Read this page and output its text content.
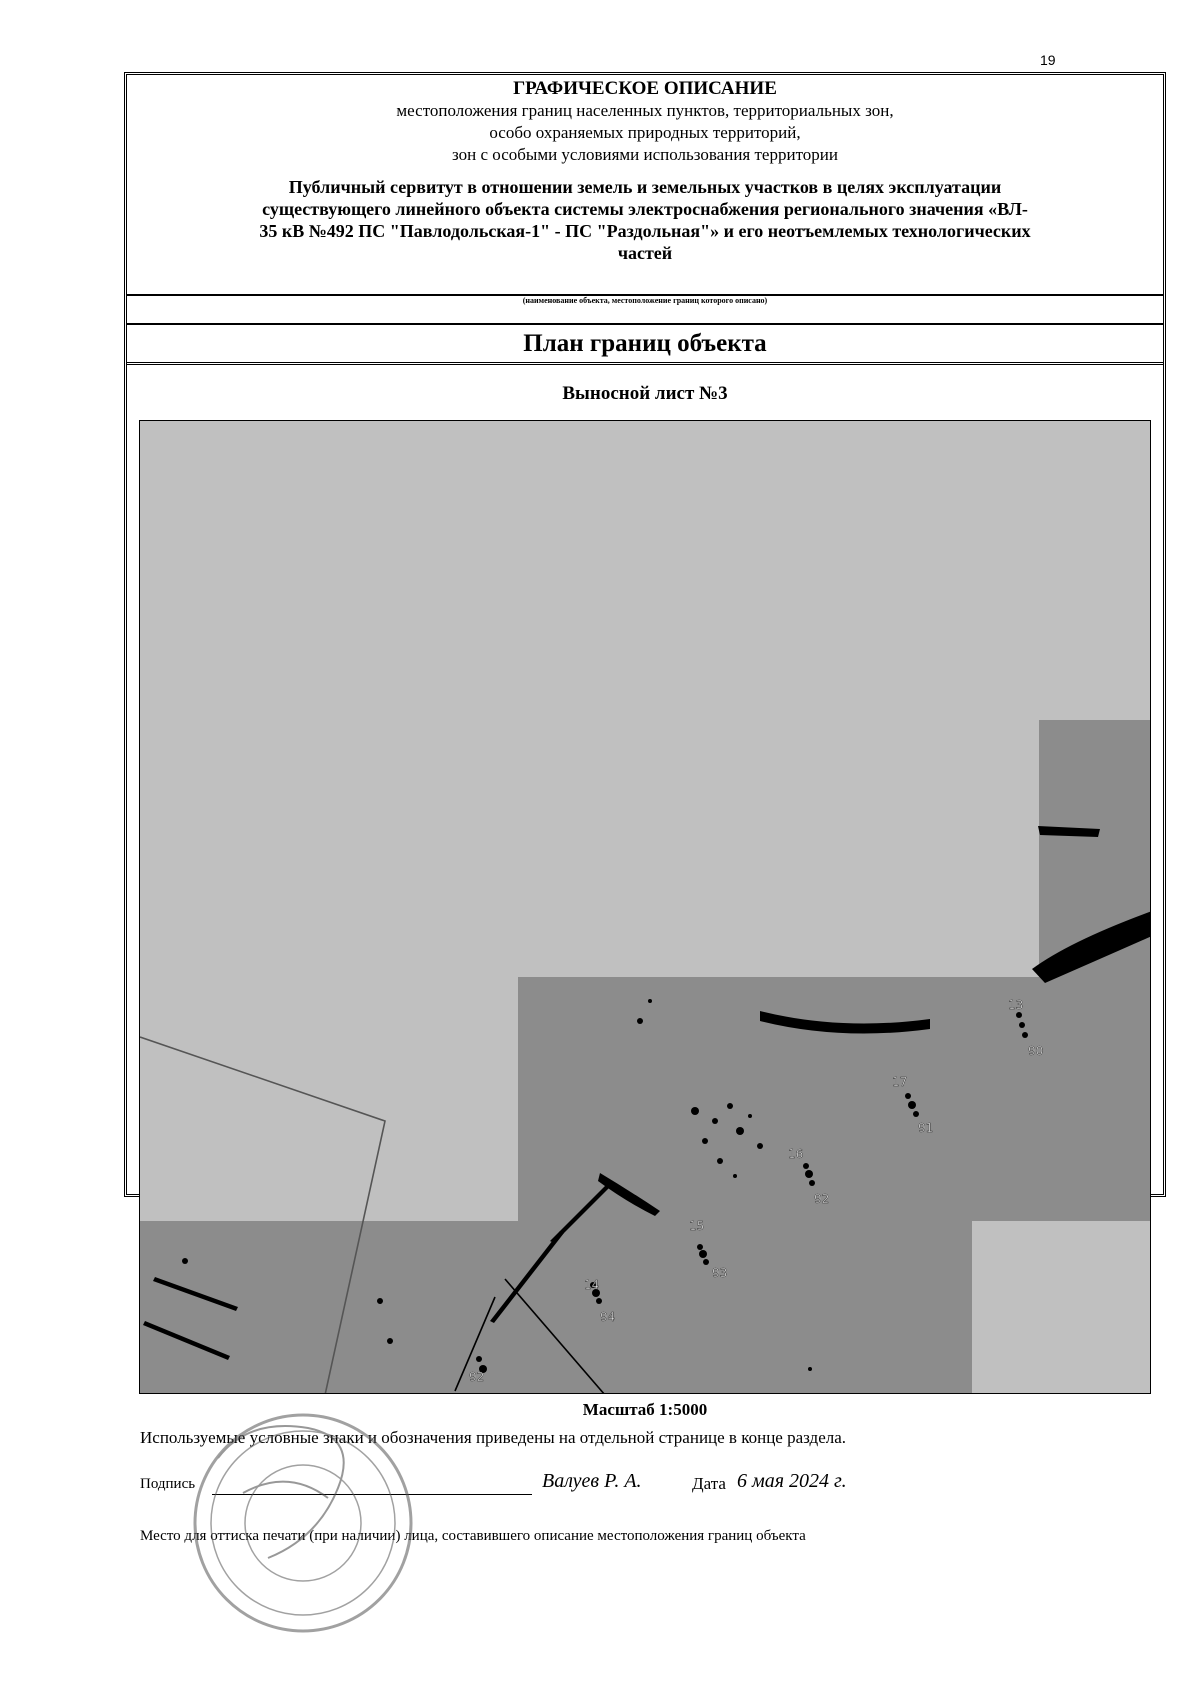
19
ГРАФИЧЕСКОЕ ОПИСАНИЕ
местоположения границ населенных пунктов, территориальных зон,
особо охраняемых природных территорий,
зон с особыми условиями использования территории
Публичный сервитут в отношении земель и земельных участков в целях эксплуатации
существующего линейного объекта системы электроснабжения регионального значения «ВЛ-
35 кВ №492 ПС "Павлодольская-1" - ПС "Раздольная"» и его неотъемлемых технологических
частей
(наименование объекта, местоположение границ которого описано)
План границ объекта
Выносной лист №3
13
90
17
91
16
92
15
93
14
94
92
Масштаб 1:5000
Используемые условные знаки и обозначения приведены на отдельной странице в конце раздела.
Подпись	Валуев Р. А.	Дата 6 мая 2024 г.
Место для оттиска печати (при наличии) лица, составившего описание местоположения границ объекта
